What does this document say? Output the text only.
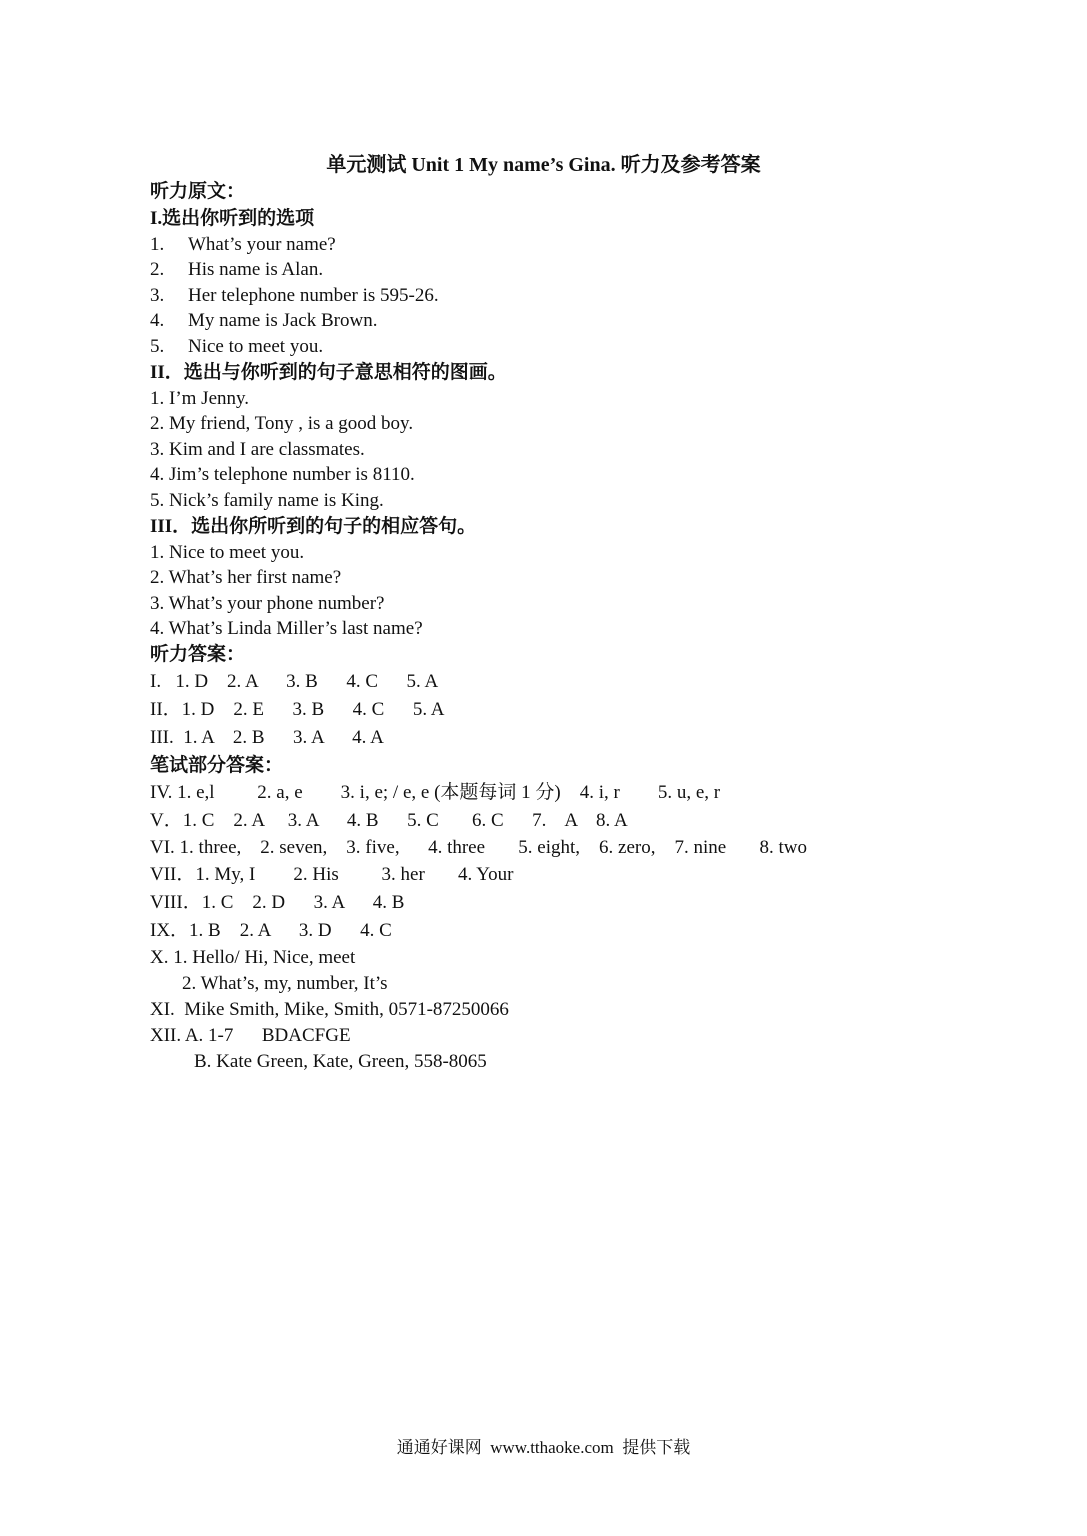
单元测试 Unit 1 My name’s Gina. 听力及参考答案
听力原文：
I.选出你听到的选项
1.	What’s your name?
2.	His name is Alan.
3.	Her telephone number is 595-26.
4.	My name is Jack Brown.
5.	Nice to meet you.
II．选出与你听到的句子意思相符的图画。
1. I’m Jenny.
2. My friend, Tony , is a good boy.
3. Kim and I are classmates.
4. Jim’s telephone number is 8110.
5. Nick’s family name is King.
III．选出你所听到的句子的相应答句。
1. Nice to meet you.
2. What’s her first name?
3. What’s your phone number?
4. What’s Linda Miller’s last name?
听力答案：
I.   1. D    2. A      3. B      4. C      5. A
II．1. D    2. E      3. B      4. C      5. A
III.  1. A    2. B      3. A      4. A
笔试部分答案：
IV. 1. e,l         2. a, e        3. i, e; / e, e (本题每词 1 分)    4. i, r        5. u, e, r
V．1. C    2. A     3. A      4. B      5. C       6. C      7.    A    8. A
VI. 1. three,    2. seven,    3. five,      4. three       5. eight,    6. zero,    7. nine       8. two
VII．1. My, I        2. His         3. her       4. Your
VIII．1. C    2. D      3. A      4. B
IX．1. B    2. A      3. D      4. C
X. 1. Hello/ Hi, Nice, meet
2. What’s, my, number, It’s
XI.  Mike Smith, Mike, Smith, 0571-87250066
XII. A. 1-7      BDACFGE
B. Kate Green, Kate, Green, 558-8065
通通好课网  www.tthaoke.com  提供下载
